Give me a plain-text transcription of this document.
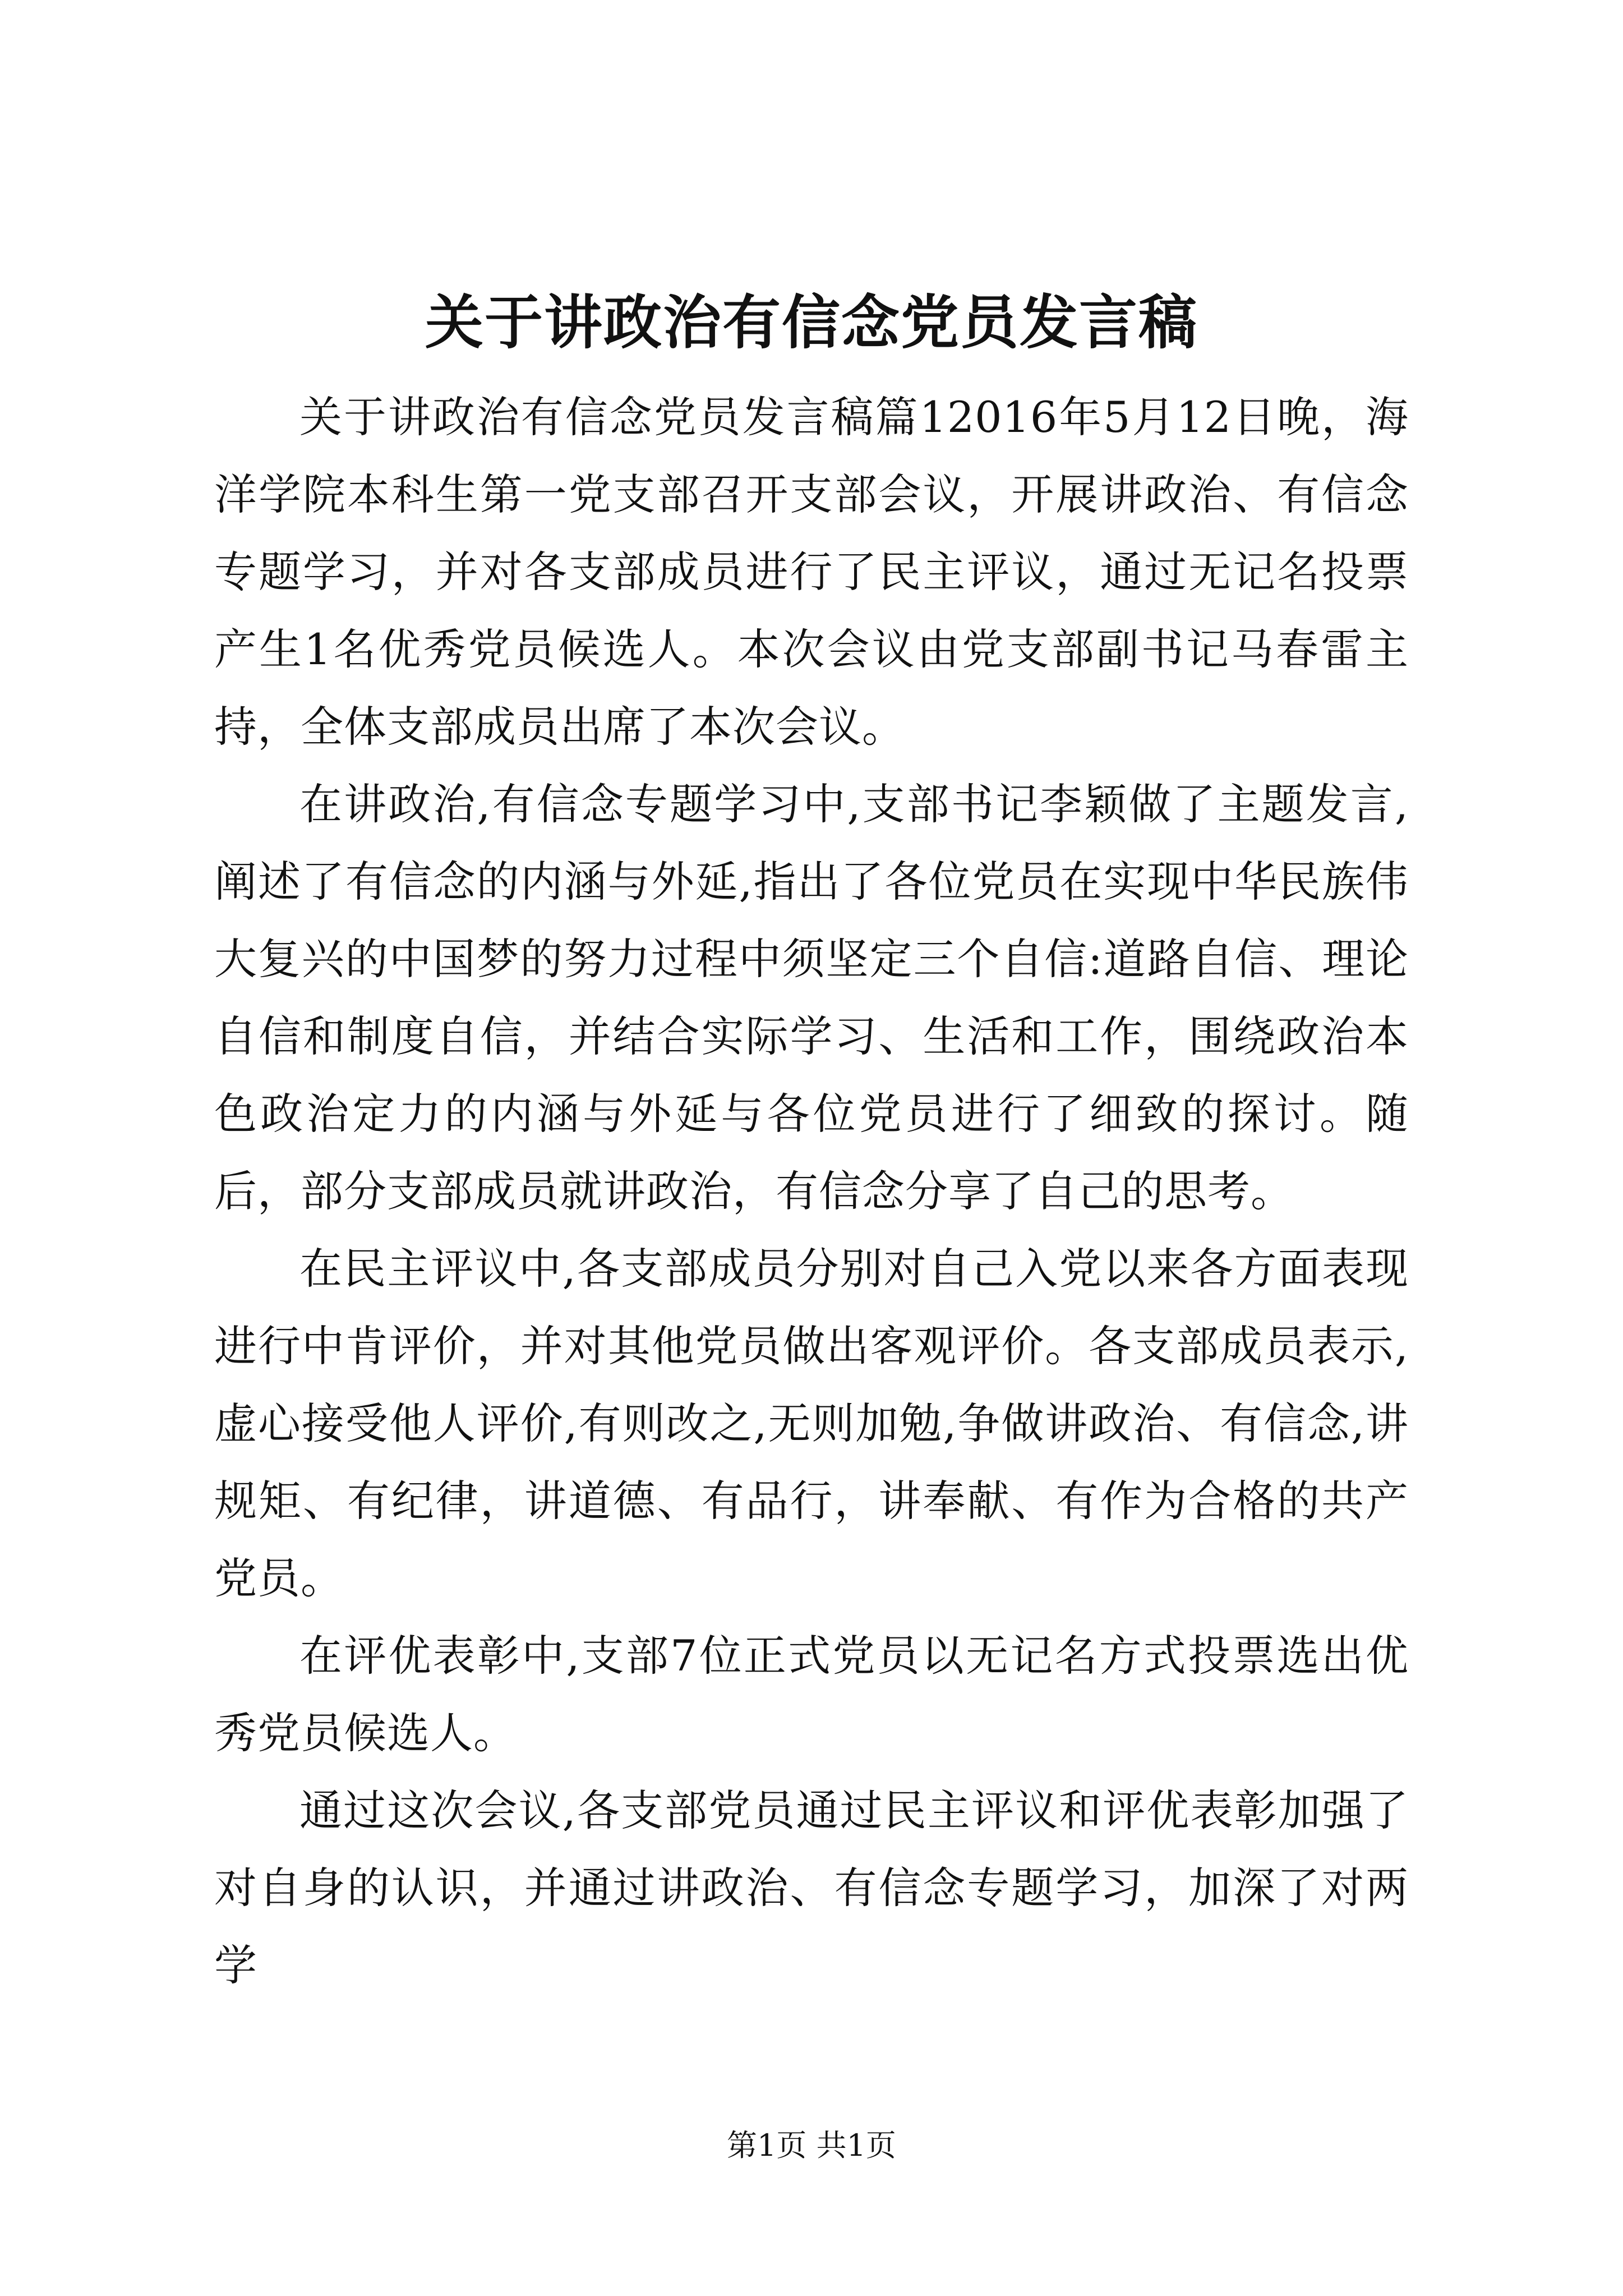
关于讲政治有信念党员发言稿

关于讲政治有信念党员发言稿篇12016年5月12日晚，海洋学院本科生第一党支部召开支部会议，开展讲政治、有信念专题学习，并对各支部成员进行了民主评议，通过无记名投票产生1名优秀党员候选人。本次会议由党支部副书记马春雷主持，全体支部成员出席了本次会议。

在讲政治,有信念专题学习中,支部书记李颖做了主题发言,阐述了有信念的内涵与外延,指出了各位党员在实现中华民族伟大复兴的中国梦的努力过程中须坚定三个自信:道路自信、理论自信和制度自信，并结合实际学习、生活和工作，围绕政治本色政治定力的内涵与外延与各位党员进行了细致的探讨。随后，部分支部成员就讲政治，有信念分享了自己的思考。

在民主评议中,各支部成员分别对自己入党以来各方面表现进行中肯评价，并对其他党员做出客观评价。各支部成员表示,虚心接受他人评价,有则改之,无则加勉,争做讲政治、有信念,讲规矩、有纪律，讲道德、有品行，讲奉献、有作为合格的共产党员。

在评优表彰中,支部7位正式党员以无记名方式投票选出优秀党员候选人。

通过这次会议,各支部党员通过民主评议和评优表彰加强了对自身的认识，并通过讲政治、有信念专题学习，加深了对两学

第1页 共1页
